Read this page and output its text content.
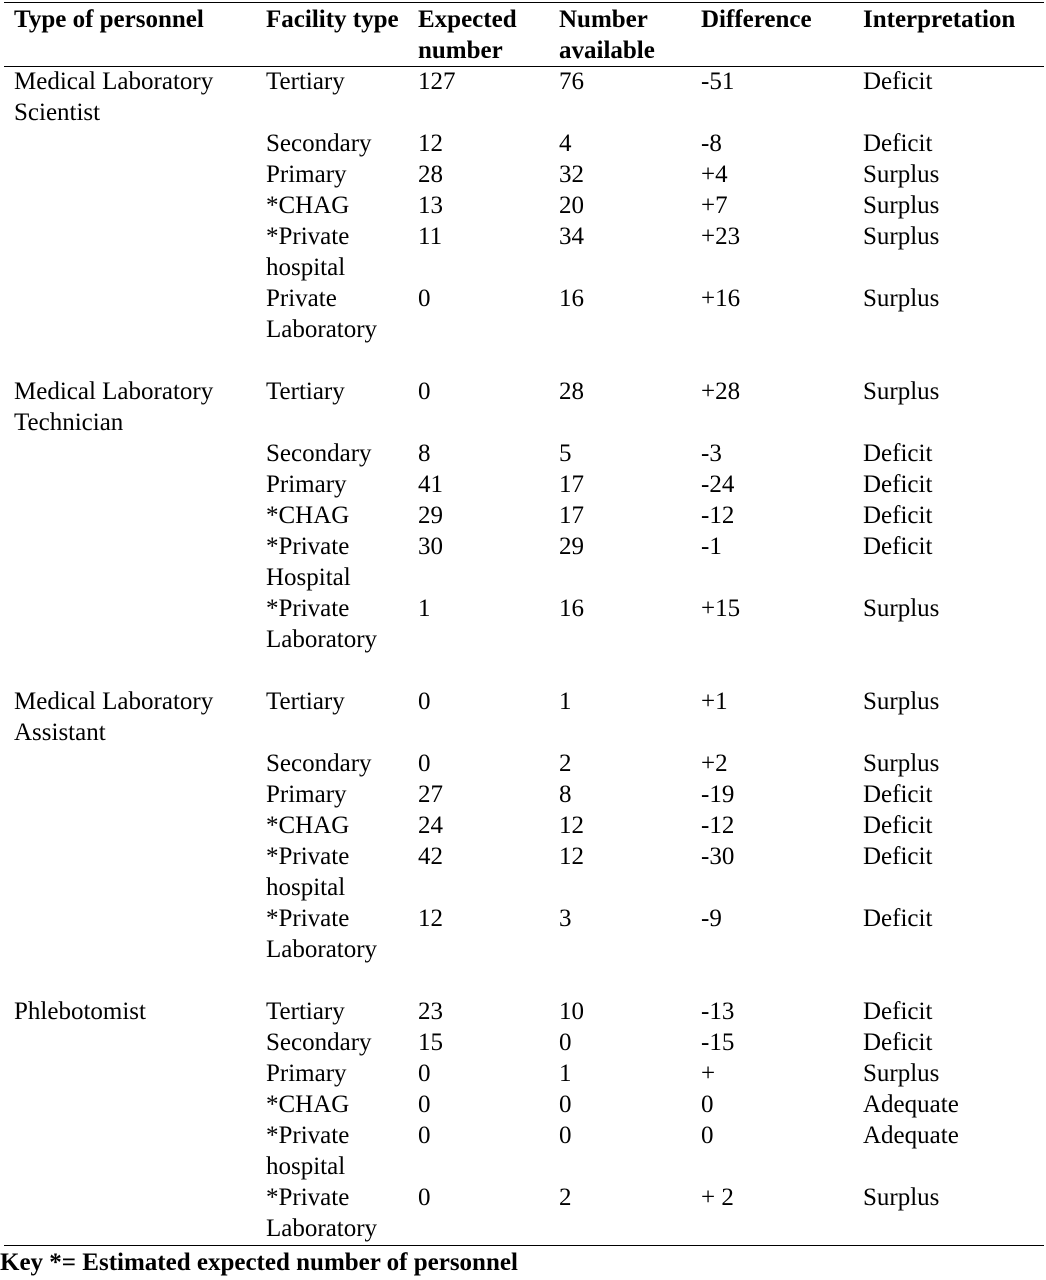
Type of personnel	Facility type	Expected number	Number available	Difference	Interpretation
Medical Laboratory Scientist	Tertiary	127	76	-51	Deficit
	Secondary	12	4	-8	Deficit
	Primary	28	32	+4	Surplus
	*CHAG	13	20	+7	Surplus
	*Private hospital	11	34	+23	Surplus
	Private Laboratory	0	16	+16	Surplus

Medical Laboratory Technician	Tertiary	0	28	+28	Surplus
	Secondary	8	5	-3	Deficit
	Primary	41	17	-24	Deficit
	*CHAG	29	17	-12	Deficit
	*Private Hospital	30	29	-1	Deficit
	*Private Laboratory	1	16	+15	Surplus

Medical Laboratory Assistant	Tertiary	0	1	+1	Surplus
	Secondary	0	2	+2	Surplus
	Primary	27	8	-19	Deficit
	*CHAG	24	12	-12	Deficit
	*Private hospital	42	12	-30	Deficit
	*Private Laboratory	12	3	-9	Deficit

Phlebotomist	Tertiary	23	10	-13	Deficit
	Secondary	15	0	-15	Deficit
	Primary	0	1	+	Surplus
	*CHAG	0	0	0	Adequate
	*Private hospital	0	0	0	Adequate
	*Private Laboratory	0	2	+ 2	Surplus
Key *= Estimated expected number of personnel
